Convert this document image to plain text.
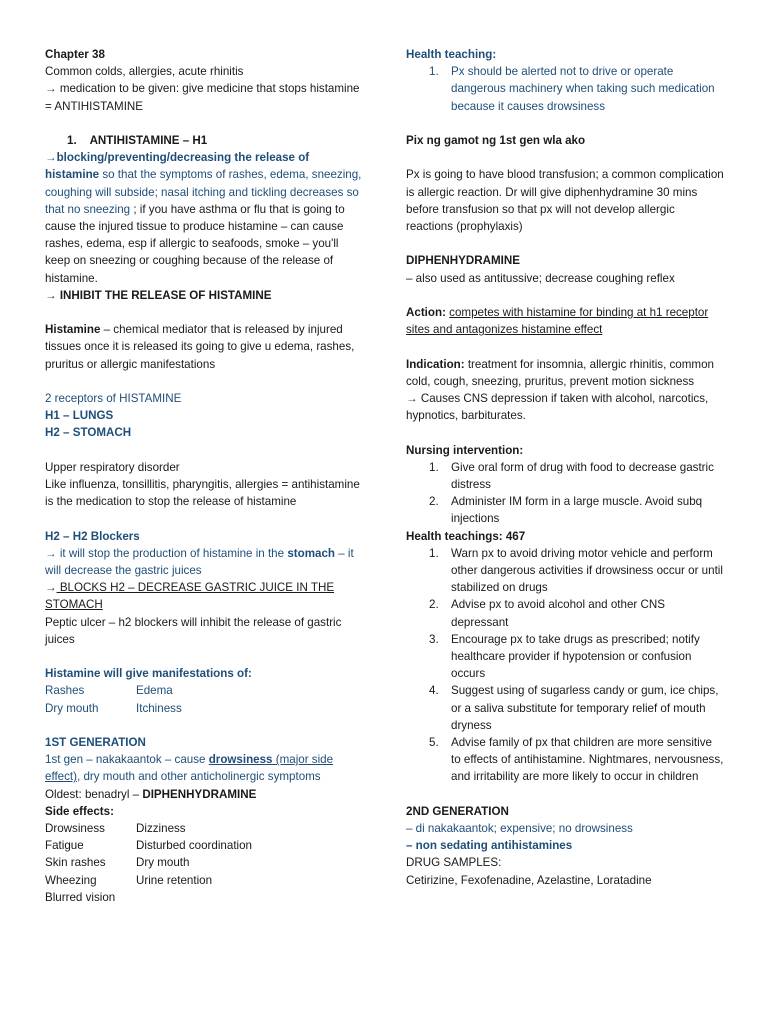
Chapter 38

Common colds, allergies, acute rhinitis

→ medication to be given: give medicine that stops histamine = ANTIHISTAMINE

1. ANTIHISTAMINE – H1

→blocking/preventing/decreasing the release of histamine so that the symptoms of rashes, edema, sneezing, coughing will subside; nasal itching and tickling decreases so that no sneezing ; if you have asthma or flu that is going to cause the injured tissue to produce histamine – can cause rashes, edema, esp if allergic to seafoods, smoke – you'll keep on sneezing or coughing because of the release of histamine.

→ INHIBIT THE RELEASE OF HISTAMINE

Histamine – chemical mediator that is released by injured tissues once it is released its going to give u edema, rashes, pruritus or allergic manifestations

2 receptors of HISTAMINE

H1 – LUNGS

H2 – STOMACH

Upper respiratory disorder

Like influenza, tonsillitis, pharyngitis, allergies = antihistamine is the medication to stop the release of histamine

H2 – H2 Blockers

→ it will stop the production of histamine in the stomach – it will decrease the gastric juices

→ BLOCKS H2 – DECREASE GASTRIC JUICE IN THE STOMACH

Peptic ulcer – h2 blockers will inhibit the release of gastric juices

Histamine will give manifestations of:

Rashes	Edema
Dry mouth	Itchiness

1ST GENERATION

1st gen – nakakaantok – cause drowsiness (major side effect), dry mouth and other anticholinergic symptoms

Oldest: benadryl – DIPHENHYDRAMINE

Side effects:

Drowsiness	Dizziness
Fatigue	Disturbed coordination
Skin rashes	Dry mouth
Wheezing	Urine retention
Blurred vision

Health teaching:

1. Px should be alerted not to drive or operate dangerous machinery when taking such medication because it causes drowsiness

Pix ng gamot ng 1st gen wla ako

Px is going to have blood transfusion; a common complication is allergic reaction. Dr will give diphenhydramine 30 mins before transfusion so that px will not develop allergic reactions (prophylaxis)

DIPHENHYDRAMINE

– also used as antitussive; decrease coughing reflex

Action: competes with histamine for binding at h1 receptor sites and antagonizes histamine effect

Indication: treatment for insomnia, allergic rhinitis, common cold, cough, sneezing, pruritus, prevent motion sickness

→ Causes CNS depression if taken with alcohol, narcotics, hypnotics, barbiturates.

Nursing intervention:

1. Give oral form of drug with food to decrease gastric distress
2. Administer IM form in a large muscle. Avoid subq injections

Health teachings: 467

1. Warn px to avoid driving motor vehicle and perform other dangerous activities if drowsiness occur or until stabilized on drugs
2. Advise px to avoid alcohol and other CNS depressant
3. Encourage px to take drugs as prescribed; notify healthcare provider if hypotension or confusion occurs
4. Suggest using of sugarless candy or gum, ice chips, or a saliva substitute for temporary relief of mouth dryness
5. Advise family of px that children are more sensitive to effects of antihistamine. Nightmares, nervousness, and irritability are more likely to occur in children

2ND GENERATION

– di nakakaantok; expensive; no drowsiness

– non sedating antihistamines

DRUG SAMPLES:

Cetirizine, Fexofenadine, Azelastine, Loratadine
